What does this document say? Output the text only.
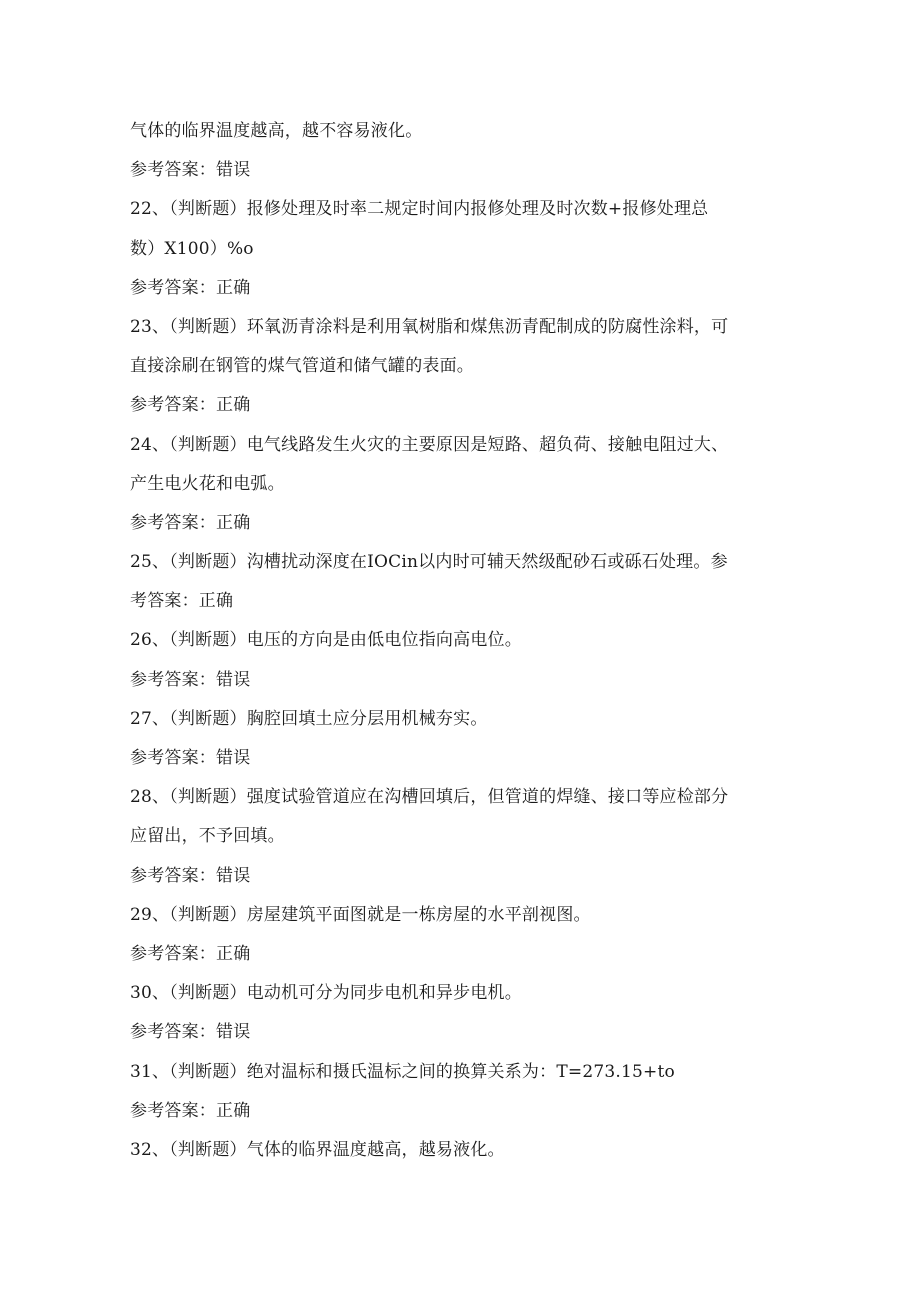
气体的临界温度越高，越不容易液化。
参考答案：错误
22、（判断题）报修处理及时率二规定时间内报修处理及时次数+报修处理总
数）X100）%o
参考答案：正确
23、（判断题）环氧沥青涂料是利用氧树脂和煤焦沥青配制成的防腐性涂料，可
直接涂刷在钢管的煤气管道和储气罐的表面。
参考答案：正确
24、（判断题）电气线路发生火灾的主要原因是短路、超负荷、接触电阻过大、
产生电火花和电弧。
参考答案：正确
25、（判断题）沟槽扰动深度在IOCin以内时可辅天然级配砂石或砾石处理。参
考答案：正确
26、（判断题）电压的方向是由低电位指向高电位。
参考答案：错误
27、（判断题）胸腔回填土应分层用机械夯实。
参考答案：错误
28、（判断题）强度试验管道应在沟槽回填后，但管道的焊缝、接口等应检部分
应留出，不予回填。
参考答案：错误
29、（判断题）房屋建筑平面图就是一栋房屋的水平剖视图。
参考答案：正确
30、（判断题）电动机可分为同步电机和异步电机。
参考答案：错误
31、（判断题）绝对温标和摄氏温标之间的换算关系为：T=273.15+to
参考答案：正确
32、（判断题）气体的临界温度越高，越易液化。
